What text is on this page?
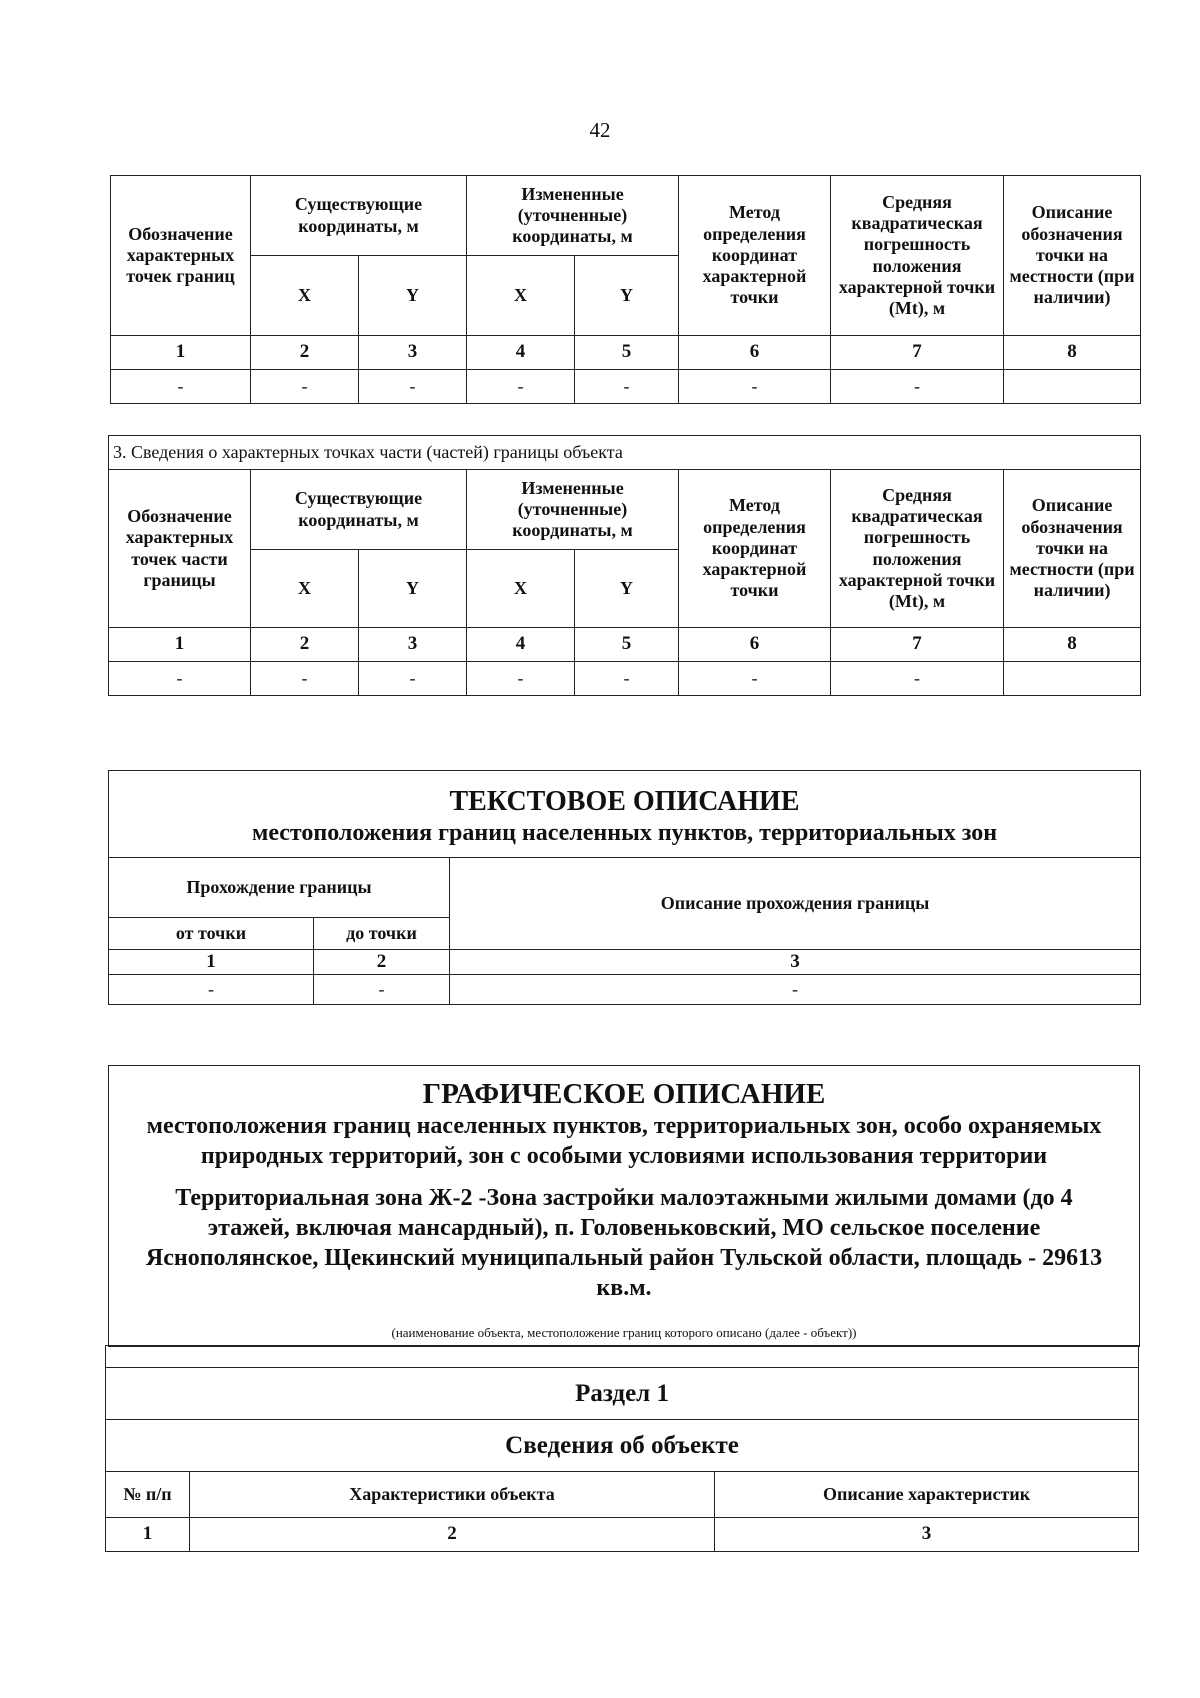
42
Обозначение характерных точек границ	Существующие координаты, м		Измененные (уточненные) координаты, м		Метод определения координат характерной точки	Средняя квадратическая погрешность положения характерной точки (Mt), м	Описание обозначения точки на местности (при наличии)
	X	Y	X	Y			
1	2	3	4	5	6	7	8
-	-	-	-	-	-	-	
3. Сведения о характерных точках части (частей) границы объекта							
Обозначение характерных точек части границы	Существующие координаты, м		Измененные (уточненные) координаты, м		Метод определения координат характерной точки	Средняя квадратическая погрешность положения характерной точки (Mt), м	Описание обозначения точки на местности (при наличии)
	X	Y	X	Y			
1	2	3	4	5	6	7	8
-	-	-	-	-	-	-	
ТЕКСТОВОЕ ОПИСАНИЕ		

местоположения границ населенных пунктов, территориальных зон		

Прохождение границы		Описание прохождения границы
от точки	до точки	
1	2	3
-	-	-
ГРАФИЧЕСКОЕ ОПИСАНИЕ
местоположения границ населенных пунктов, территориальных зон, особо охраняемых природных территорий, зон с особыми условиями использования территории
Территориальная зона Ж-2 -Зона застройки малоэтажными жилыми домами (до 4 этажей, включая мансардный), п. Головеньковский, МО сельское поселение Яснополянское, Щекинский муниципальный район Тульской области, площадь - 29613 кв.м.
(наименование объекта, местоположение границ которого описано (далее - объект))

Раздел 1		
Сведения об объекте		
№ п/п	Характеристики объекта	Описание характеристик
1	2	3
